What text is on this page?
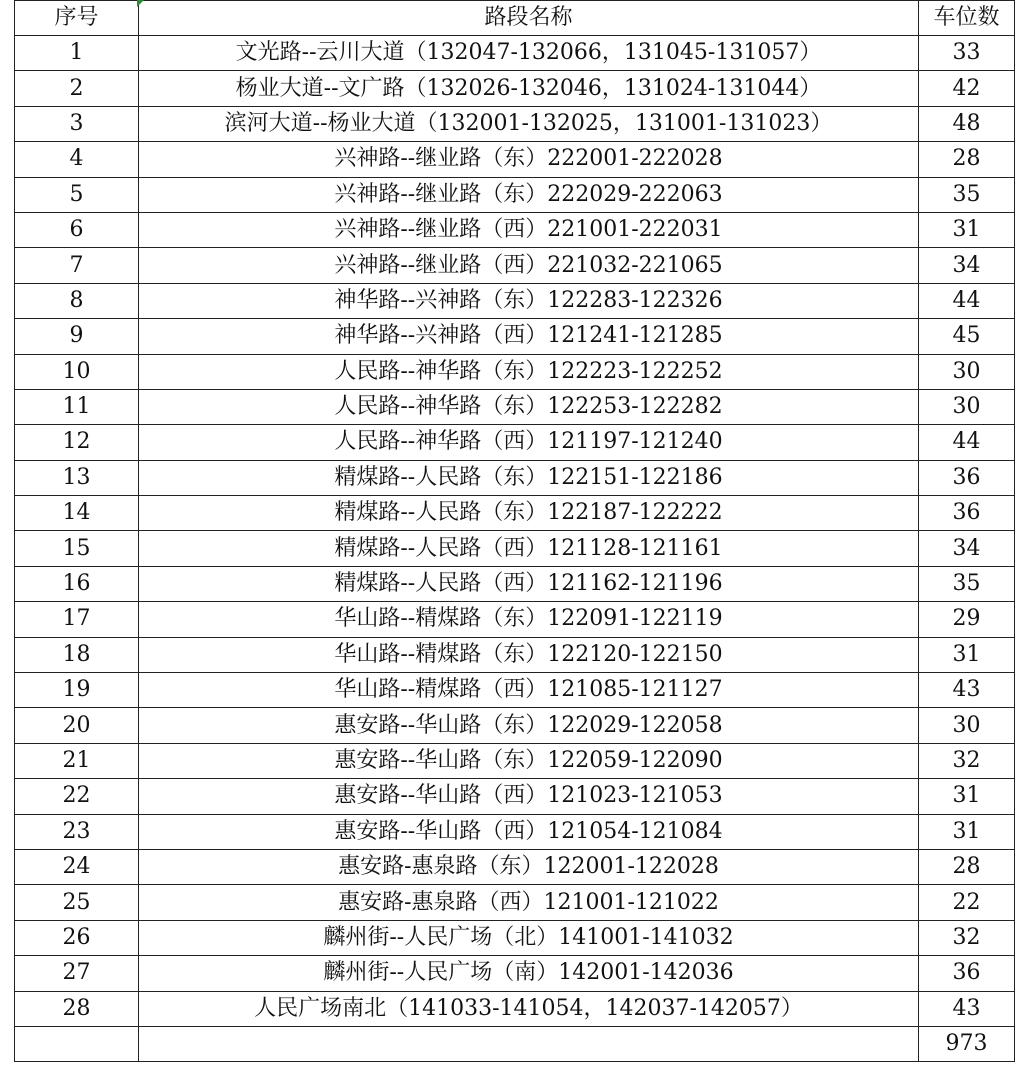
序号	路段名称	车位数
1	文光路--云川大道（132047-132066，131045-131057）	33
2	杨业大道--文广路（132026-132046，131024-131044）	42
3	滨河大道--杨业大道（132001-132025，131001-131023）	48
4	兴神路--继业路（东）222001-222028	28
5	兴神路--继业路（东）222029-222063	35
6	兴神路--继业路（西）221001-222031	31
7	兴神路--继业路（西）221032-221065	34
8	神华路--兴神路（东）122283-122326	44
9	神华路--兴神路（西）121241-121285	45
10	人民路--神华路（东）122223-122252	30
11	人民路--神华路（东）122253-122282	30
12	人民路--神华路（西）121197-121240	44
13	精煤路--人民路（东）122151-122186	36
14	精煤路--人民路（东）122187-122222	36
15	精煤路--人民路（西）121128-121161	34
16	精煤路--人民路（西）121162-121196	35
17	华山路--精煤路（东）122091-122119	29
18	华山路--精煤路（东）122120-122150	31
19	华山路--精煤路（西）121085-121127	43
20	惠安路--华山路（东）122029-122058	30
21	惠安路--华山路（东）122059-122090	32
22	惠安路--华山路（西）121023-121053	31
23	惠安路--华山路（西）121054-121084	31
24	惠安路-惠泉路（东）122001-122028	28
25	惠安路-惠泉路（西）121001-121022	22
26	麟州街--人民广场（北）141001-141032	32
27	麟州街--人民广场（南）142001-142036	36
28	人民广场南北（141033-141054，142037-142057）	43
		973
